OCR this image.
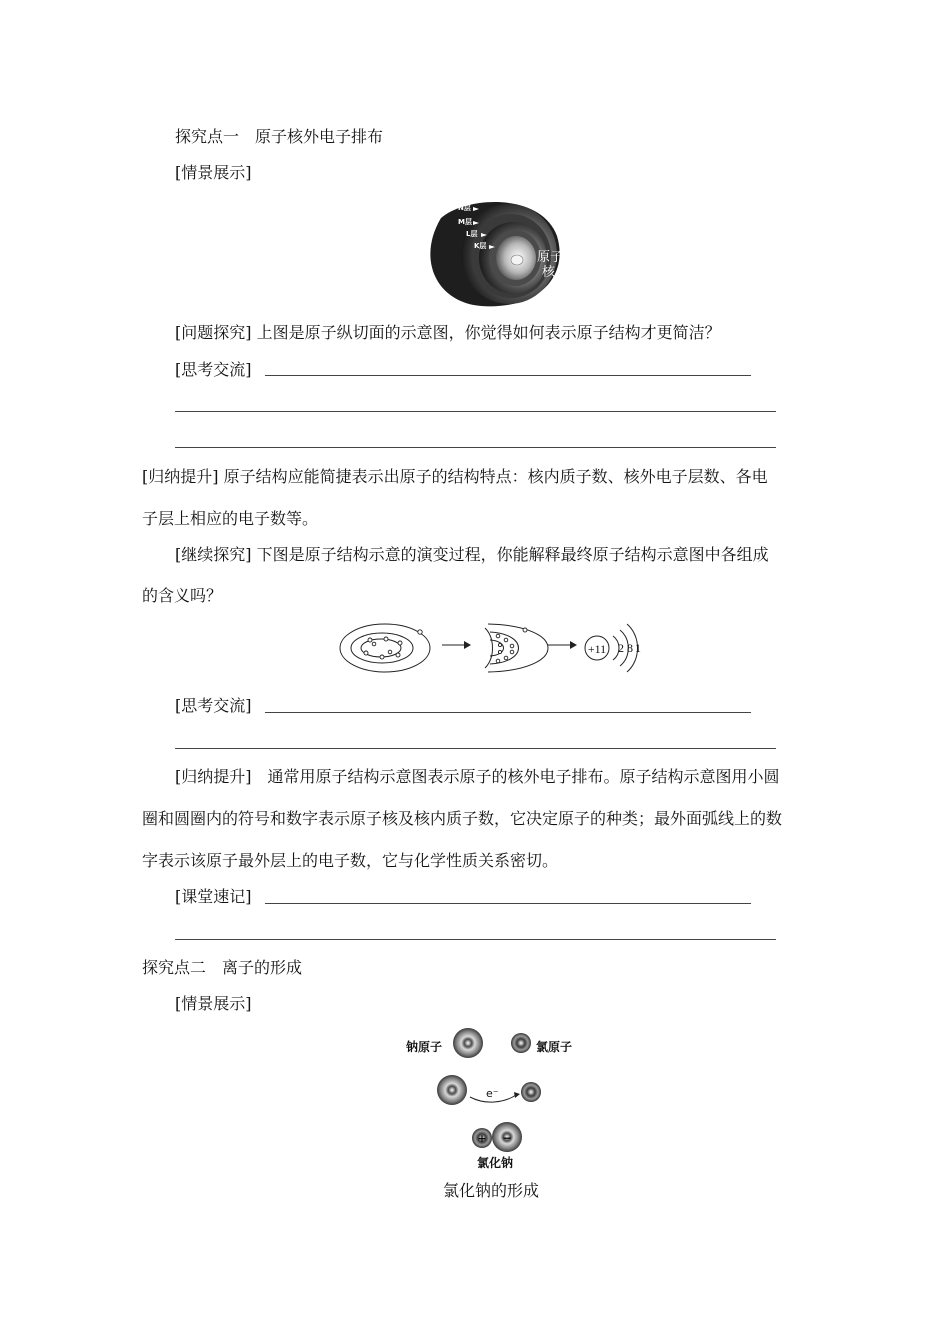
探究点一　原子核外电子排布
[情景展示]
N层
M层
L层
K层
原子
核
[问题探究] 上图是原子纵切面的示意图，你觉得如何表示原子结构才更简洁？
[思考交流]
[归纳提升] 原子结构应能简捷表示出原子的结构特点：核内质子数、核外电子层数、各电
子层上相应的电子数等。
[继续探究] 下图是原子结构示意的演变过程，你能解释最终原子结构示意图中各组成
的含义吗？
+11 2 8 1
[思考交流]
[归纳提升]　通常用原子结构示意图表示原子的核外电子排布。原子结构示意图用小圆
圈和圆圈内的符号和数字表示原子核及核内质子数，它决定原子的种类；最外面弧线上的数
字表示该原子最外层上的电子数，它与化学性质关系密切。
[课堂速记]
探究点二　离子的形成
[情景展示]
钠原子	氯原子
e⁻
+ −
氯化钠
氯化钠的形成
